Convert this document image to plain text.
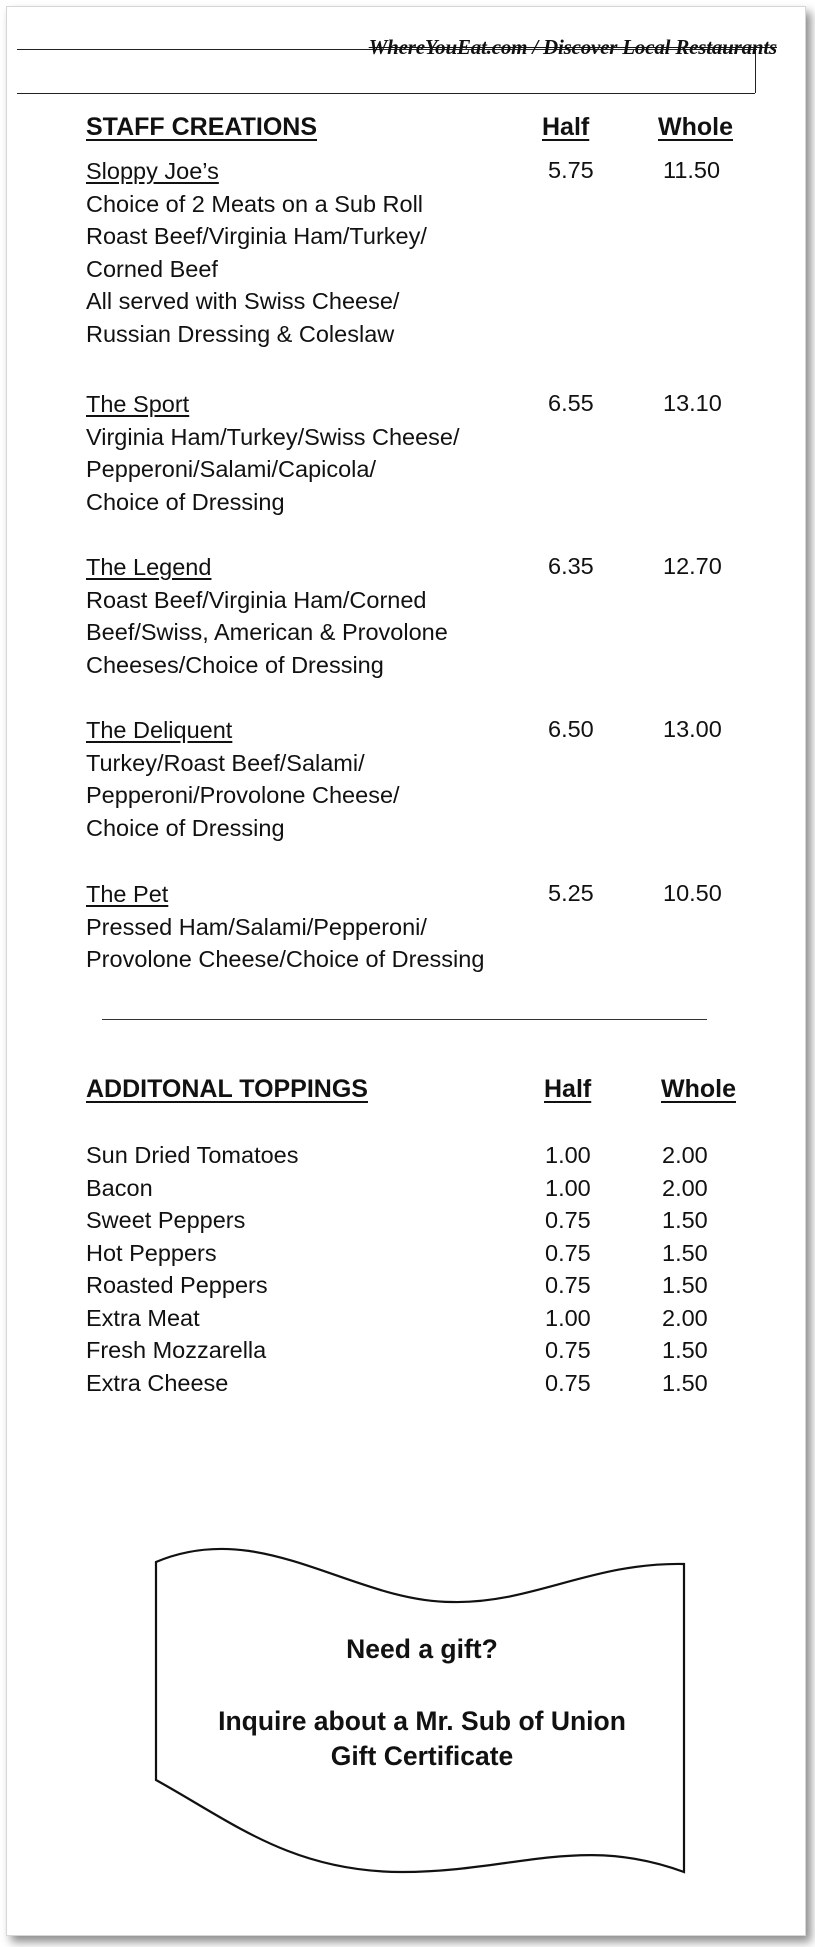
WhereYouEat.com / Discover Local Restaurants
STAFF CREATIONS	Half	Whole
Sloppy Joe’s
Choice of 2 Meats on a Sub Roll
Roast Beef/Virginia Ham/Turkey/
Corned Beef
All served with Swiss Cheese/
Russian Dressing & Coleslaw
5.75	11.50
The Sport
Virginia Ham/Turkey/Swiss Cheese/
Pepperoni/Salami/Capicola/
Choice of Dressing
6.55	13.10
The Legend
Roast Beef/Virginia Ham/Corned
Beef/Swiss, American & Provolone
Cheeses/Choice of Dressing
6.35	12.70
The Deliquent
Turkey/Roast Beef/Salami/
Pepperoni/Provolone Cheese/
Choice of Dressing
6.50	13.00
The Pet
Pressed Ham/Salami/Pepperoni/
Provolone Cheese/Choice of Dressing
5.25	10.50
ADDITONAL TOPPINGS	Half	Whole
Sun Dried Tomatoes	1.00	2.00
Bacon	1.00	2.00
Sweet Peppers	0.75	1.50
Hot Peppers	0.75	1.50
Roasted Peppers	0.75	1.50
Extra Meat	1.00	2.00
Fresh Mozzarella	0.75	1.50
Extra Cheese	0.75	1.50
Need a gift?
Inquire about a Mr. Sub of Union
Gift Certificate
